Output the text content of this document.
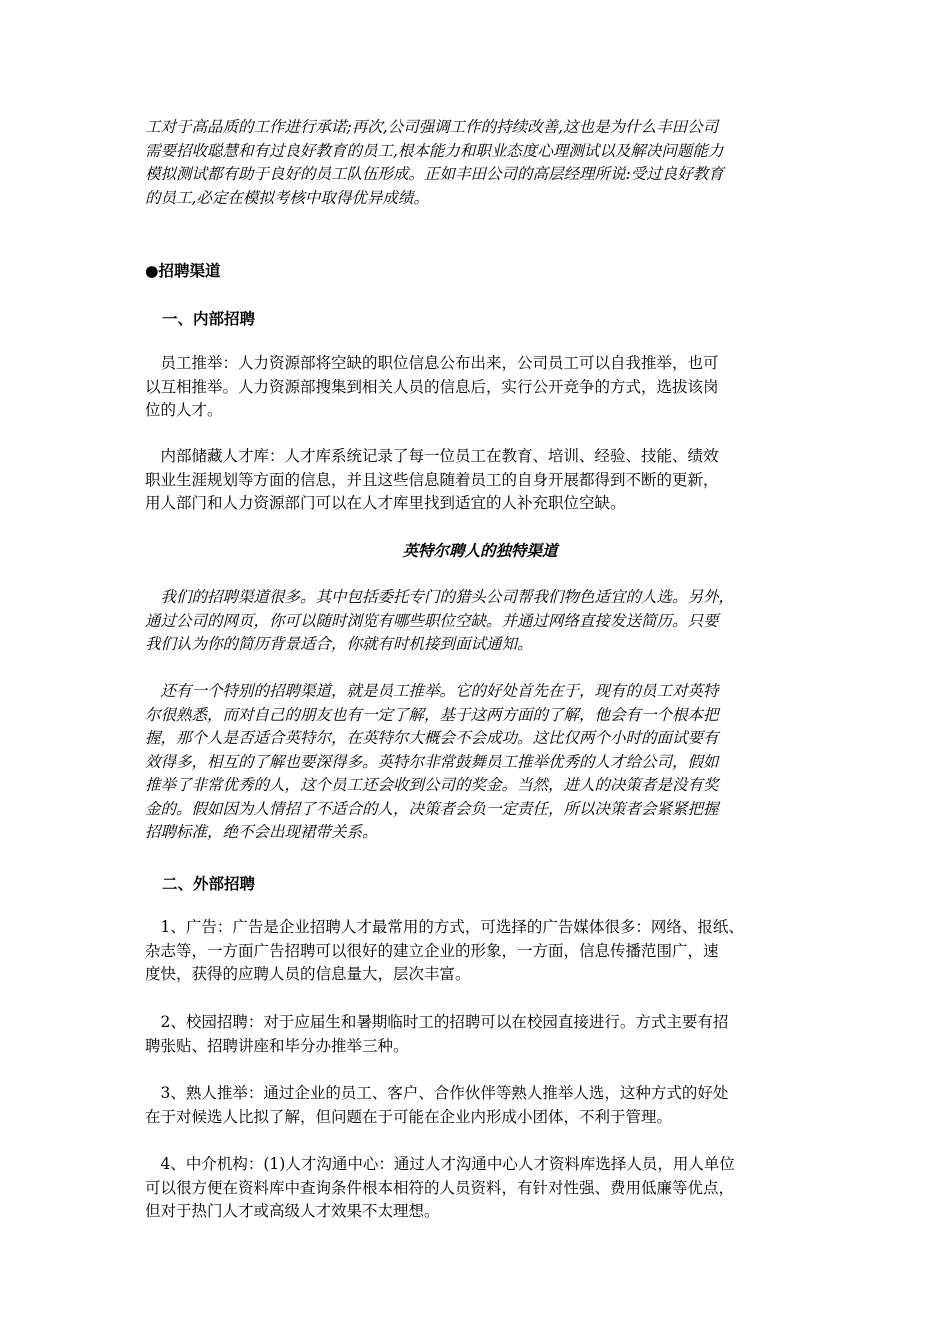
工对于高品质的工作进行承诺;再次,公司强调工作的持续改善,这也是为什么丰田公司
需要招收聪慧和有过良好教育的员工,根本能力和职业态度心理测试以及解决问题能力
模拟测试都有助于良好的员工队伍形成。正如丰田公司的高层经理所说:受过良好教育
的员工,必定在模拟考核中取得优异成绩。

●招聘渠道

一、内部招聘

　员工推举：人力资源部将空缺的职位信息公布出来，公司员工可以自我推举，也可
以互相推举。人力资源部搜集到相关人员的信息后，实行公开竞争的方式，选拔该岗
位的人才。

　内部储藏人才库：人才库系统记录了每一位员工在教育、培训、经验、技能、绩效
职业生涯规划等方面的信息，并且这些信息随着员工的自身开展都得到不断的更新，
用人部门和人力资源部门可以在人才库里找到适宜的人补充职位空缺。

英特尔聘人的独特渠道

　我们的招聘渠道很多。其中包括委托专门的猎头公司帮我们物色适宜的人选。另外，
通过公司的网页，你可以随时浏览有哪些职位空缺。并通过网络直接发送简历。只要
我们认为你的简历背景适合，你就有时机接到面试通知。

　还有一个特别的招聘渠道，就是员工推举。它的好处首先在于，现有的员工对英特
尔很熟悉，而对自己的朋友也有一定了解，基于这两方面的了解，他会有一个根本把
握，那个人是否适合英特尔，在英特尔大概会不会成功。这比仅两个小时的面试要有
效得多，相互的了解也要深得多。英特尔非常鼓舞员工推举优秀的人才给公司，假如
推举了非常优秀的人，这个员工还会收到公司的奖金。当然，进人的决策者是没有奖
金的。假如因为人情招了不适合的人，决策者会负一定责任，所以决策者会紧紧把握
招聘标准，绝不会出现裙带关系。

二、外部招聘

　1、广告：广告是企业招聘人才最常用的方式，可选择的广告媒体很多：网络、报纸、
杂志等，一方面广告招聘可以很好的建立企业的形象，一方面，信息传播范围广，速
度快，获得的应聘人员的信息量大，层次丰富。

　2、校园招聘：对于应届生和暑期临时工的招聘可以在校园直接进行。方式主要有招
聘张贴、招聘讲座和毕分办推举三种。

　3、熟人推举：通过企业的员工、客户、合作伙伴等熟人推举人选，这种方式的好处
在于对候选人比拟了解，但问题在于可能在企业内形成小团体，不利于管理。

　4、中介机构：(1)人才沟通中心：通过人才沟通中心人才资料库选择人员，用人单位
可以很方便在资料库中查询条件根本相符的人员资料，有针对性强、费用低廉等优点，
但对于热门人才或高级人才效果不太理想。
